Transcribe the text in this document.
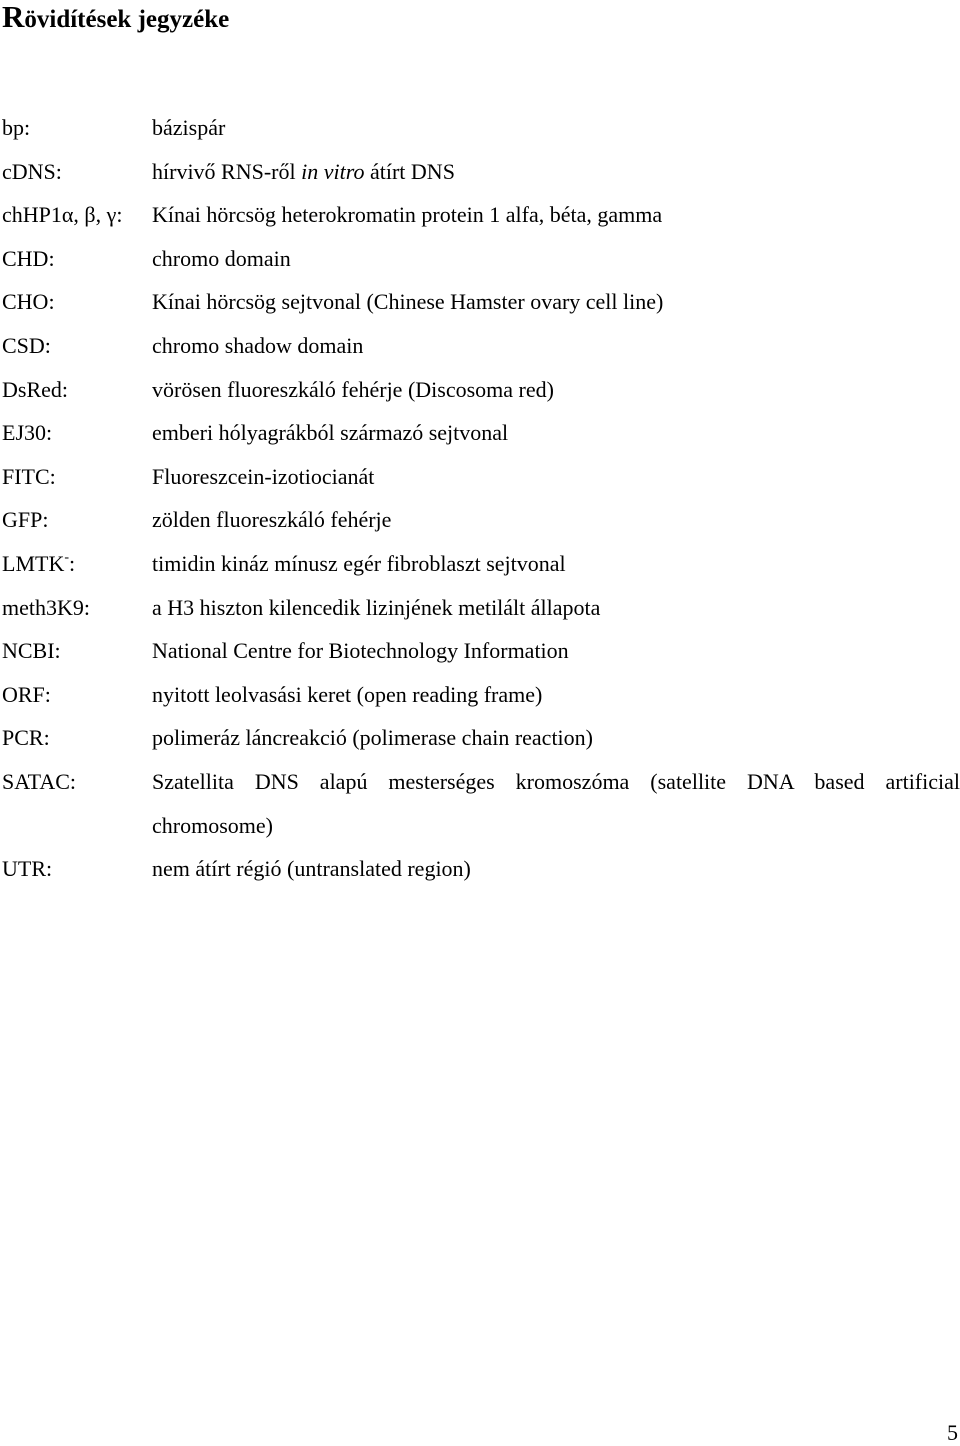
Rövidítések jegyzéke
bp:	bázispár
cDNS:	hírvivő RNS-ről in vitro átírt DNS
chHP1α, β, γ:	Kínai hörcsög heterokromatin protein 1 alfa, béta, gamma
CHD:	chromo domain
CHO:	Kínai hörcsög sejtvonal (Chinese Hamster ovary cell line)
CSD:	chromo shadow domain
DsRed:	vörösen fluoreszkáló fehérje (Discosoma red)
EJ30:	emberi hólyagrákból származó sejtvonal
FITC:	Fluoreszcein-izotiocianát
GFP:	zölden fluoreszkáló fehérje
LMTK-:	timidin kináz mínusz egér fibroblaszt sejtvonal
meth3K9:	a H3 hiszton kilencedik lizinjének metilált állapota
NCBI:	National Centre for Biotechnology Information
ORF:	nyitott leolvasási keret (open reading frame)
PCR:	polimeráz láncreakció (polimerase chain reaction)
SATAC:	Szatellita DNS alapú mesterséges kromoszóma (satellite DNA based artificial chromosome)
UTR:	nem átírt régió (untranslated region)
5
